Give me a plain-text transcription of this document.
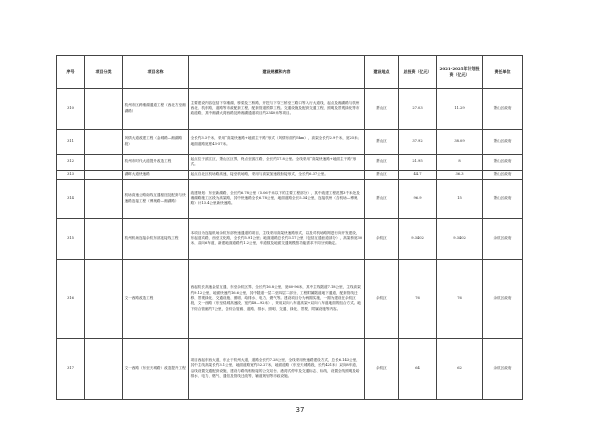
序号	项目分类	项目名称	建设规模和内容	建设地点	总投资（亿元）	2021-2025年计划投资（亿元）	责任单位
310		杭州市区跨湘湖通道工程（西北方至湘湖路）	主要建设内容包括下穿湘湖，桥梁及三桥路，开挖与下穿三桥至三路口等入行大道线，起点及湘湖路与杭州西北、杭东路，道路等市政配套工程，配套管道预算工程。交通设施及配套交通工程，照明及景观绿化等市政道路，其中湘湖大湾西路及跨湘湖通道项目约2340米等项目。	萧山区	27.03	11.29	萧山区政府
311		风情大道改建工程（金城路—湘湖路段）	全长约3.3千米，采用“高架快速路+地面主干路”形式（风情东面约5km），高架全长约2.9千米，宽25米；地面道路宽度43-57米。	萧山区	37.92	38.09	萧山区政府
312		杭州市时代大道提升改造工程	起点位于滨江区，萧山区区界，终点至滨江路，全长约17.8公里。全线采用“高架快速路+地面主干路”形式。	萧山区	21.95	8	萧山区政府
313		湖畔大道快速路	起点自北区机场路高速，接至机场路，采用与高架加速段衔接形式，全长约6.37公里。	萧山区	44.7	36.3	萧山区政府
314		机场高速公路南线互通枢纽及配套与快速路连接工程（博奥路—湘湖路）	改建规划：东至新湖路，全长约6.78公里（5.06千米以下的主要工程部分），其中改建工程范围3千米处及湘湖路施工区段为高架路，其中快速路全长6.78公里，地面道路全长5.34公里，连接杭州（含机场—博奥路）计13.4公里新快速路。	萧山区	96.9	15	萧山区政府
315		杭州机场连接余杭东部连接线工程	本项目为连接机场余杭东部快速通道的项目，主线采用高架快速路形式，以及对机场路网进行向开发建设，东起迎宾路，西至文化路，全长约5.91公里；地面道路总长约3.17公里（包括互通匝道部分），高架桥宽30米、双向6车道，新建地面道路约1.2公里，车道数及地面交通规模按功能需求不同分别确定。	余杭区	9.3402	9.3402	余杭区政府
316		文一西路改造工程	西起杭长高速金星互通，东至余杭区界，全长约16.8公里，宽60-96米，其中主线隧道7.18公里，主线高架约9.12公里，地面快速约16.6公里，其中隧道一层二至四层二部分，工程附属隧道地下通道，配套管线迁移、景观绿化、交通设施、照明、给排水、电力、燃气等。建设项目分为两期实施，一期为建设在余杭区段，文一西路（东至绕城高速段、宽约48—92米），采用双向八车道高架+双向八车道地面的组合方式。地下综合管廊约7公里，含综合管廊、道路、排水、照明、交通、绿化、景观、附属设施等内容。	余杭区	76	76	余杭区政府
317		文一西路（东至天城路）改造提升工程	项目西起东西大道，东止于杭州大道，道路全长约7.28公里，全线采用快速路建设方式，总长6.143公里，其中主线高架长约3.1公里，地面道路宽约52.27米，地面道路（东至天城路段，长约421米）双向8车道，沿线设置交通配套设施，建设与路线相衔接的公交站台、港湾式停车及交通标志、标线，设置全线照明及给排水、电力、燃气、通信及管线迁改等，辅道规划等市政设施。	余杭区	64	62	余杭区政府
37
